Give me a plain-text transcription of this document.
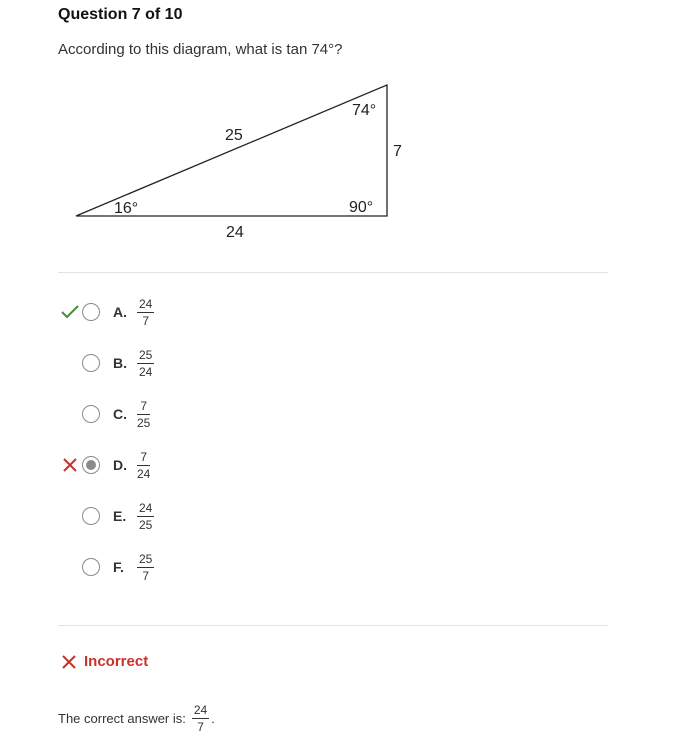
Question 7 of 10
According to this diagram, what is tan 74°?
25
24
7
16°
74°
90°
A. $\frac{24}{7}$
B. $\frac{25}{24}$
C. $\frac{7}{25}$
D. $\frac{7}{24}$
E. $\frac{24}{25}$
F.	$\frac{25}{7}$
Incorrect
The correct answer is: $\frac{24}{7}$ .
